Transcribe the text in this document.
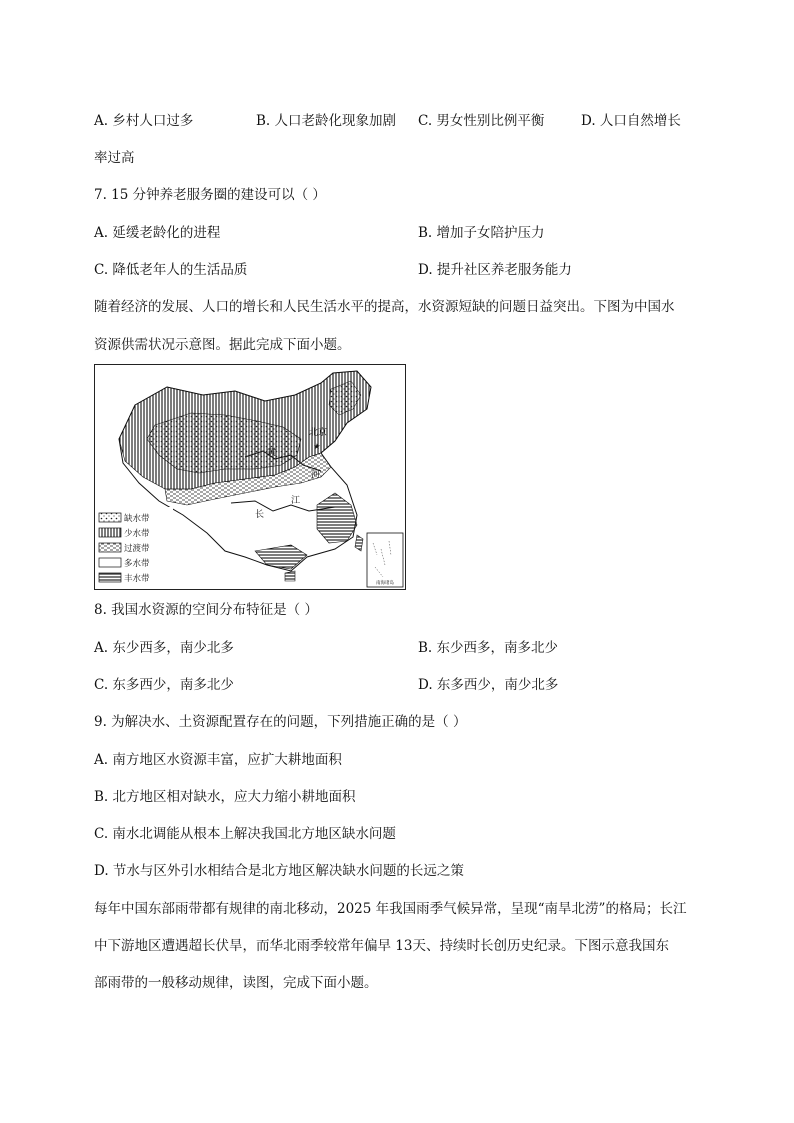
A. 乡村人口过多	B. 人口老龄化现象加剧 C. 男女性别比例平衡	D. 人口自然增长
率过高
7. 15 分钟养老服务圈的建设可以（ ）
A. 延缓老龄化的进程	B. 增加子女陪护压力
C. 降低老年人的生活品质	D. 提升社区养老服务能力
随着经济的发展、人口的增长和人民生活水平的提高，水资源短缺的问题日益突出。下图为中国水
资源供需状况示意图。据此完成下面小题。
★
北京
黄
河
江
长
南海诸岛
缺水带
少水带
过渡带
多水带
丰水带
8. 我国水资源的空间分布特征是（ ）
A. 东少西多，南少北多	B. 东少西多，南多北少
C. 东多西少，南多北少	D. 东多西少，南少北多
9. 为解决水、土资源配置存在的问题，下列措施正确的是（ ）
A. 南方地区水资源丰富，应扩大耕地面积
B. 北方地区相对缺水，应大力缩小耕地面积
C. 南水北调能从根本上解决我国北方地区缺水问题
D. 节水与区外引水相结合是北方地区解决缺水问题的长远之策
每年中国东部雨带都有规律的南北移动，2025 年我国雨季气候异常，呈现“南旱北涝”的格局；长江
中下游地区遭遇超长伏旱，而华北雨季较常年偏早 13天、持续时长创历史纪录。下图示意我国东
部雨带的一般移动规律，读图，完成下面小题。
